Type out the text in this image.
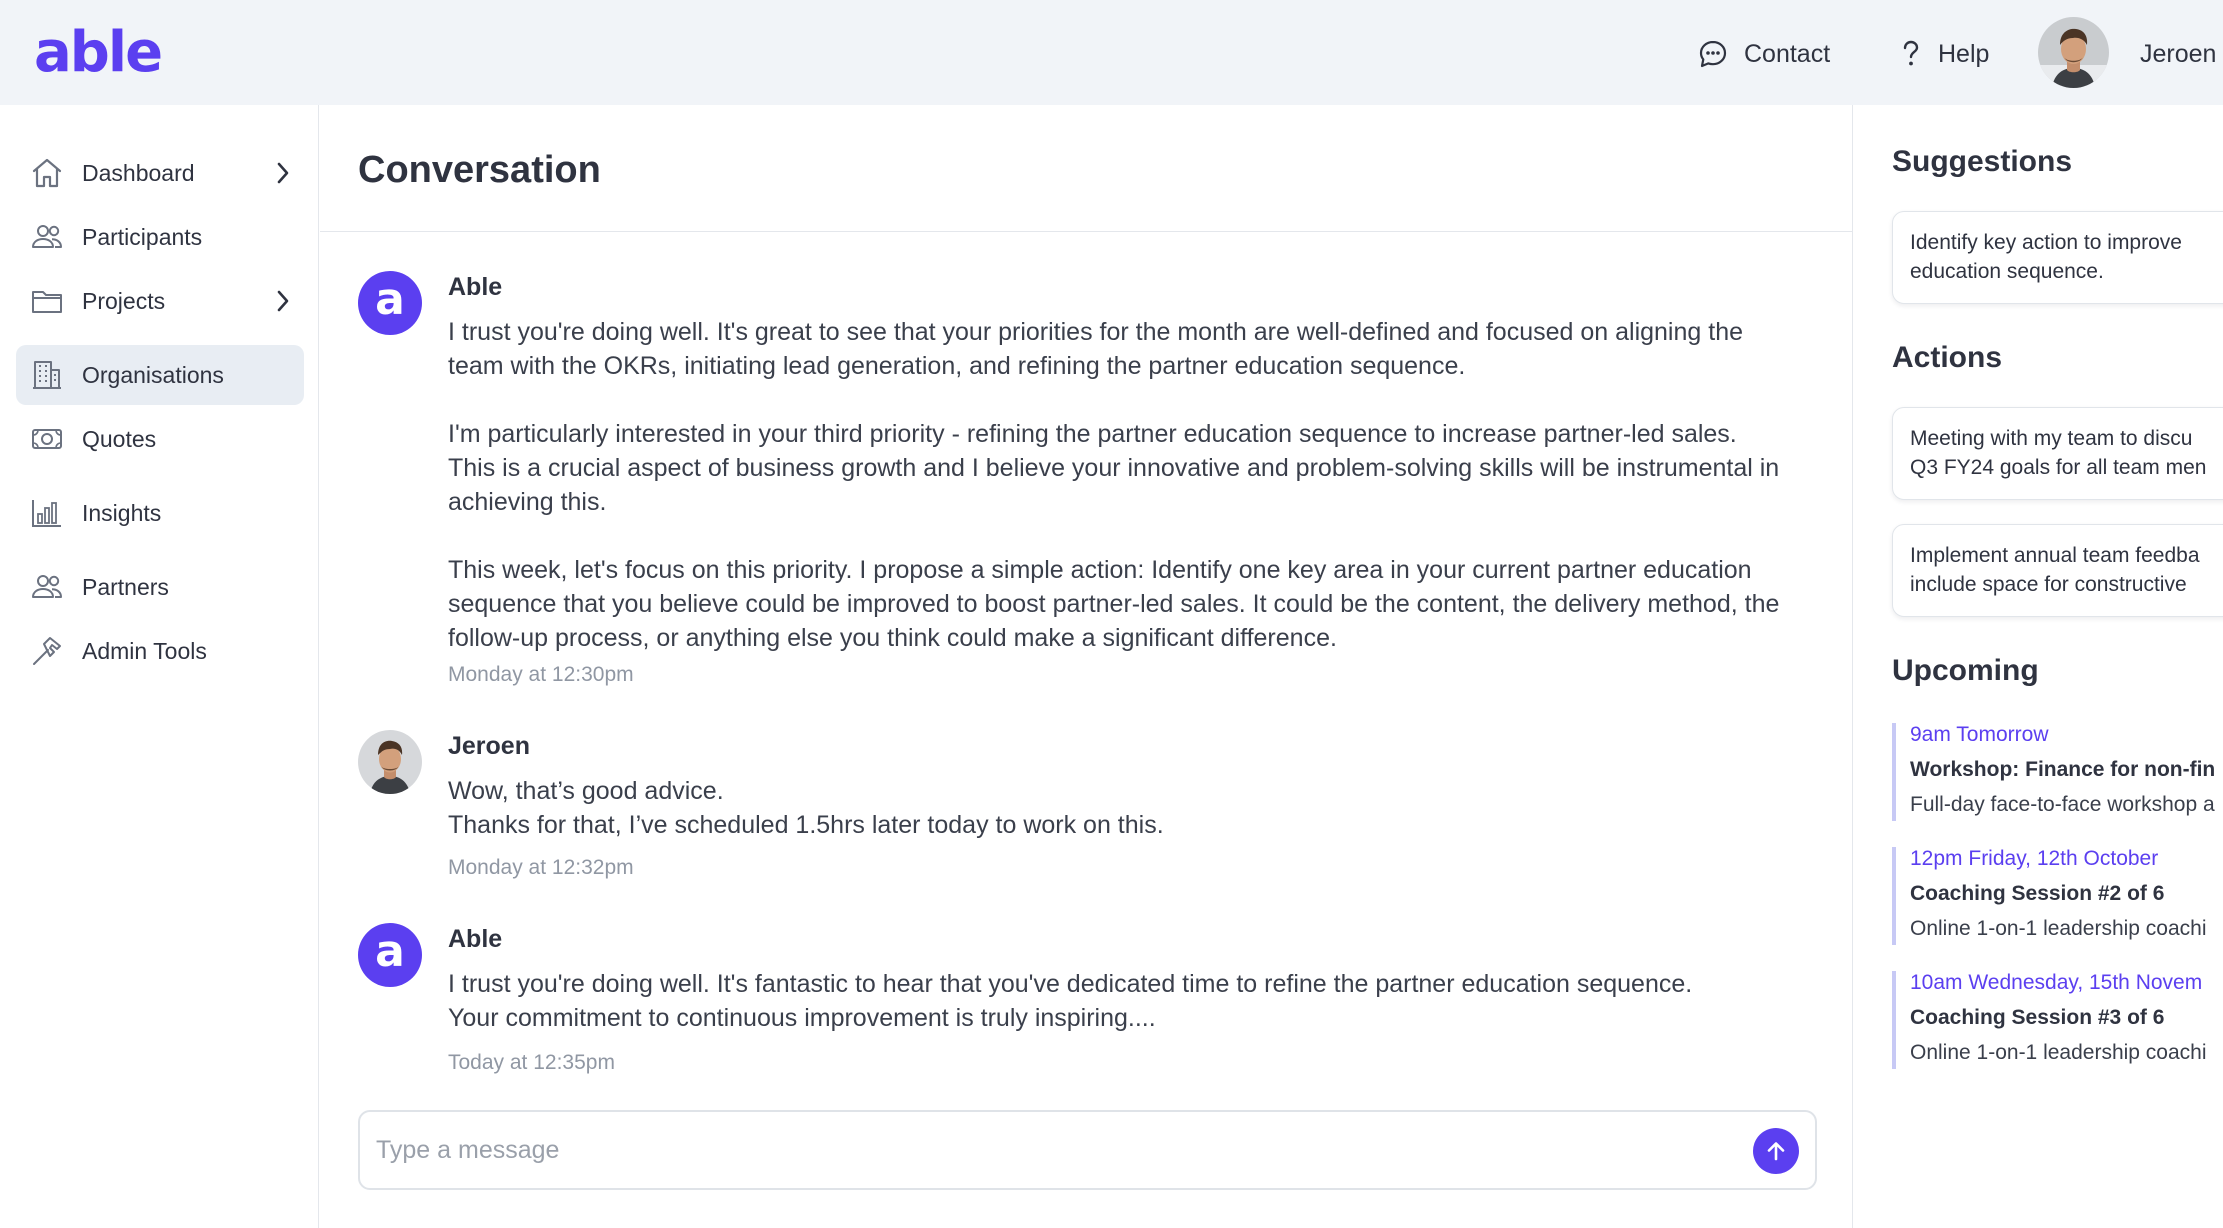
able	Contact	Help	Jeroen
Dashboard
Participants
Projects
Organisations
Quotes
Insights
Partners
Admin Tools
Conversation
a Able

I trust you're doing well. It's great to see that your priorities for the month are well-defined and focused on aligning the team with the OKRs, initiating lead generation, and refining the partner education sequence.

I'm particularly interested in your third priority - refining the partner education sequence to increase partner-led sales. This is a crucial aspect of business growth and I believe your innovative and problem-solving skills will be instrumental in achieving this.

This week, let's focus on this priority. I propose a simple action: Identify one key area in your current partner education sequence that you believe could be improved to boost partner-led sales. It could be the content, the delivery method, the follow-up process, or anything else you think could make a significant difference.

Monday at 12:30pm
Jeroen
Wow, that’s good advice.
Thanks for that, I’ve scheduled 1.5hrs later today to work on this.
Monday at 12:32pm
a Able

I trust you're doing well. It's fantastic to hear that you've dedicated time to refine the partner education sequence. Your commitment to continuous improvement is truly inspiring....

Today at 12:35pm
Type a message
Suggestions
Identify key action to improve
education sequence.
Actions
Meeting with my team to discu
Q3 FY24 goals for all team men
Implement annual team feedba
include space for constructive
Upcoming
9am Tomorrow
Workshop: Finance for non-fin
Full-day face-to-face workshop a
12pm Friday, 12th October
Coaching Session #2 of 6
Online 1-on-1 leadership coachi
10am Wednesday, 15th Novem
Coaching Session #3 of 6
Online 1-on-1 leadership coachi
